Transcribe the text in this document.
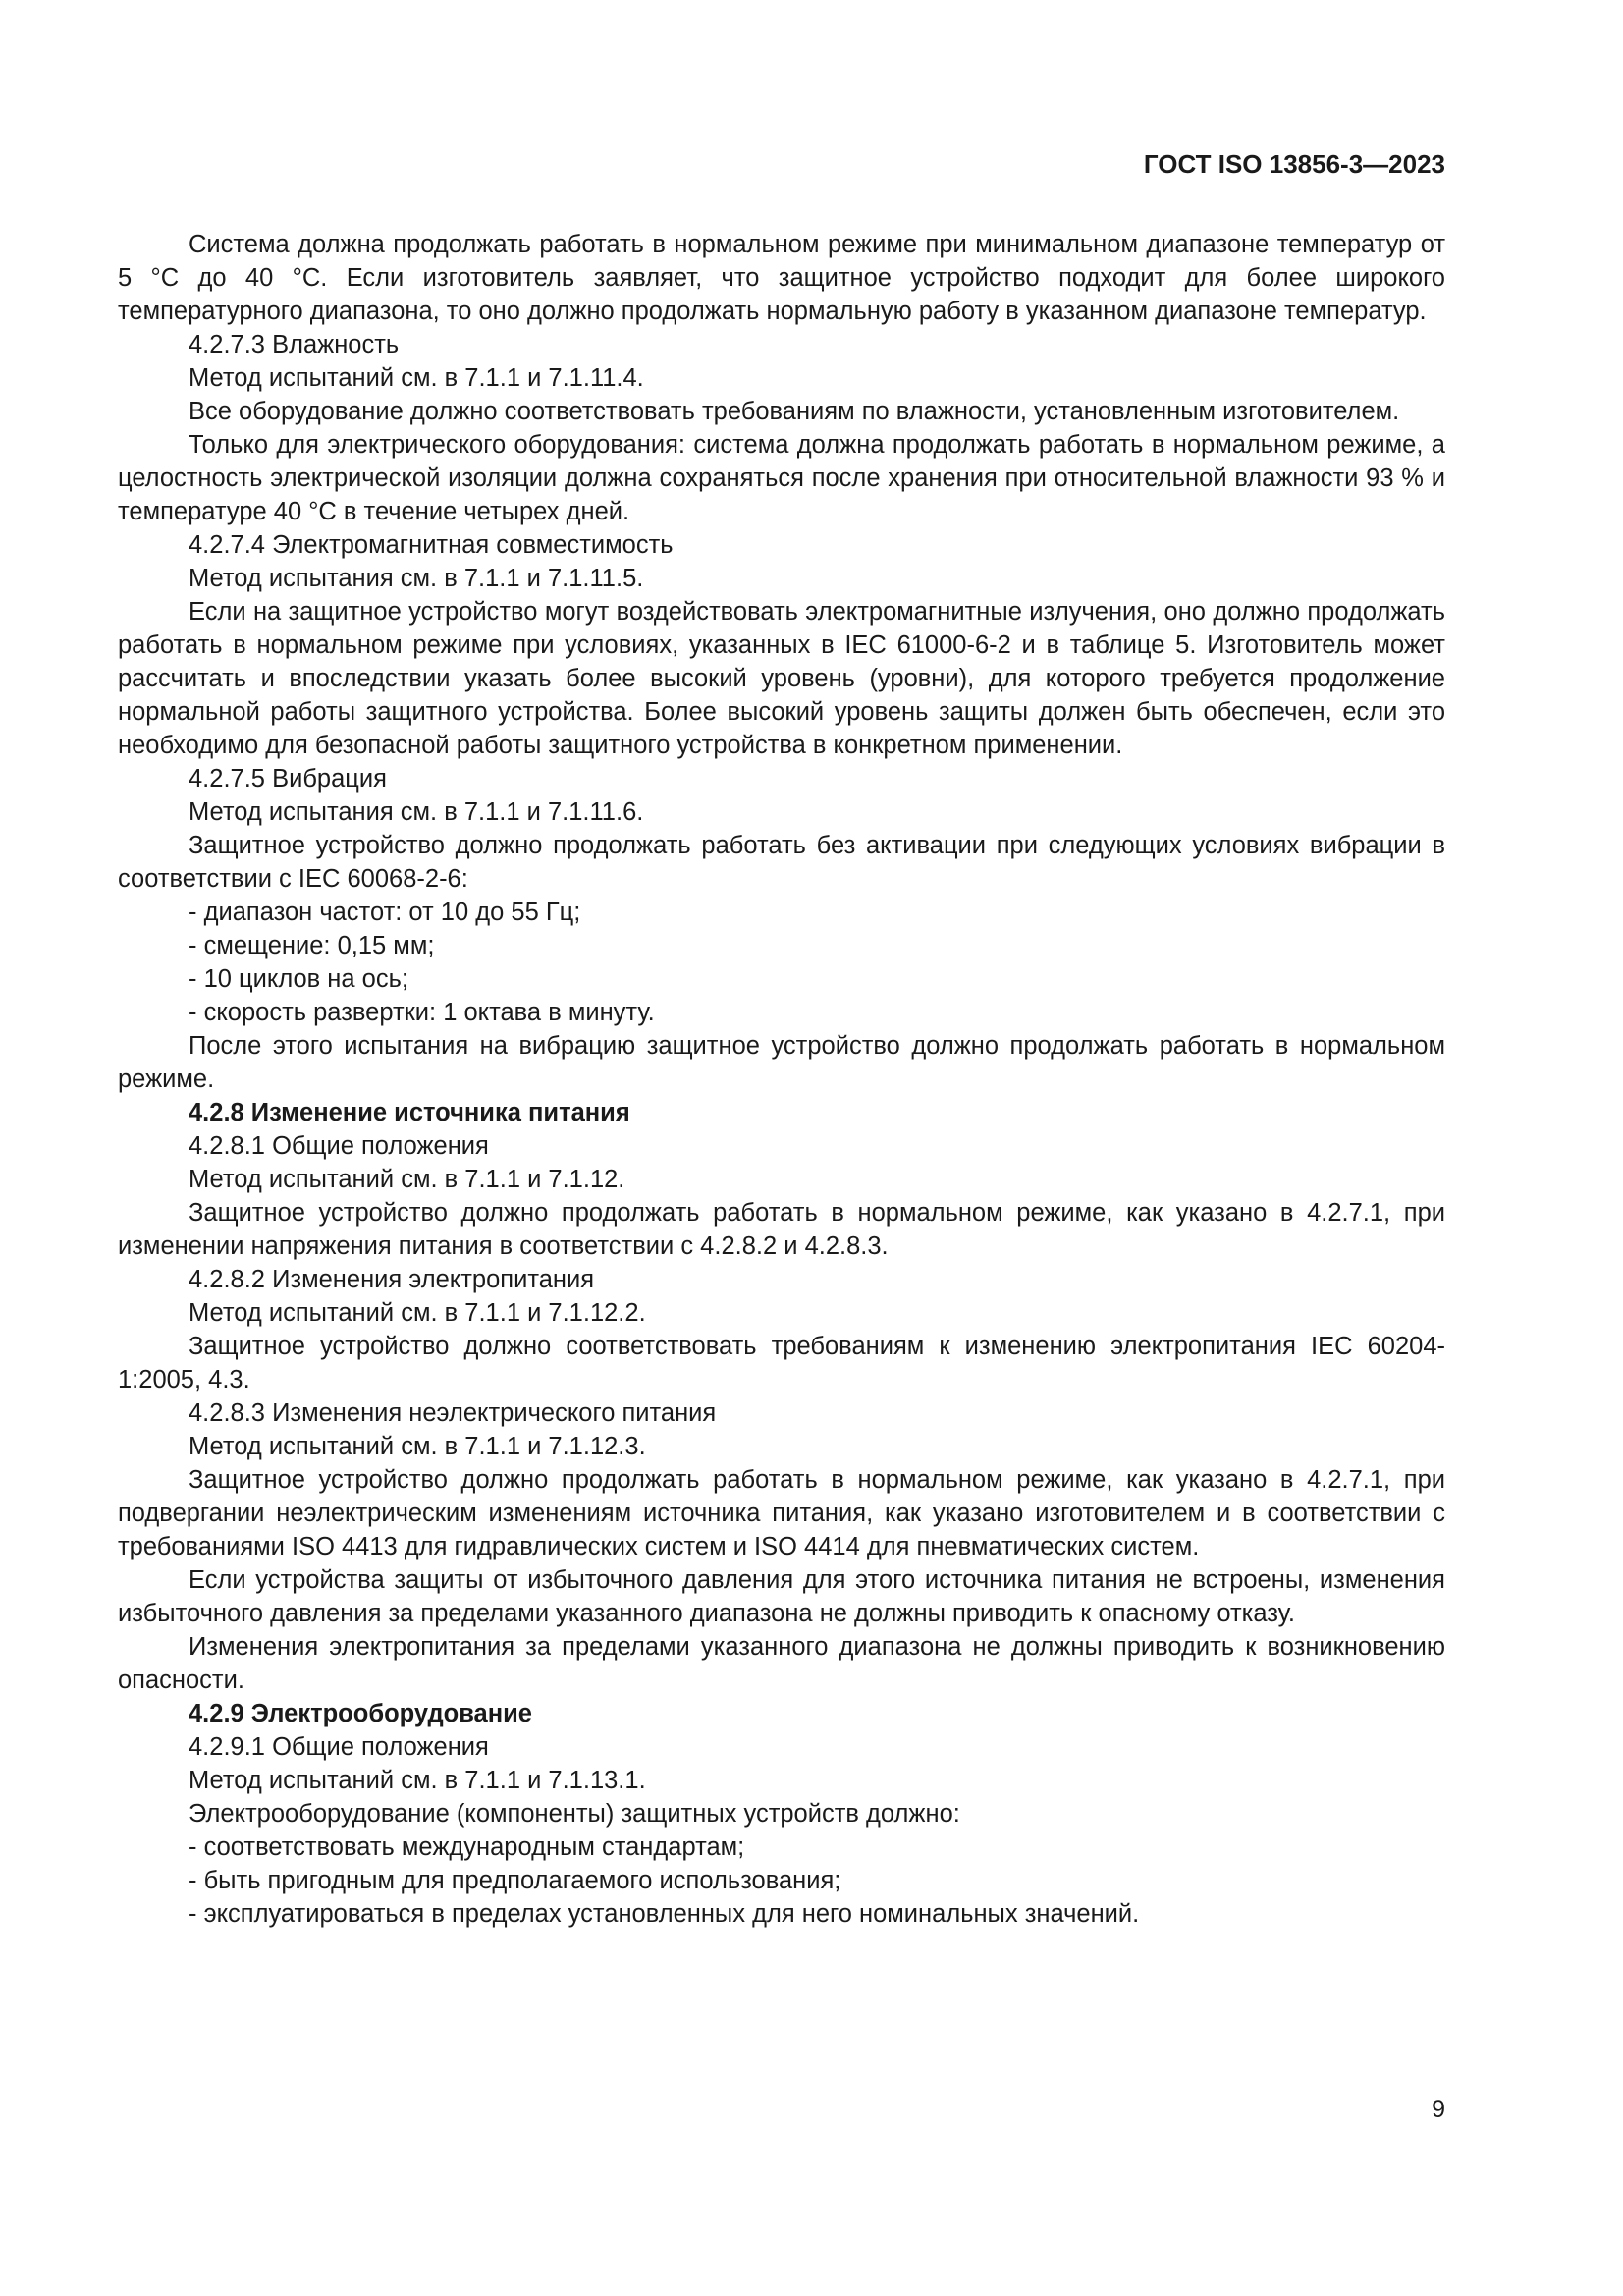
ГОСТ ISO 13856-3—2023

Система должна продолжать работать в нормальном режиме при минимальном диапазоне температур от 5 °С до 40 °С. Если изготовитель заявляет, что защитное устройство подходит для более широкого температурного диапазона, то оно должно продолжать нормальную работу в указанном диапазоне температур.

4.2.7.3 Влажность

Метод испытаний см. в 7.1.1 и 7.1.11.4.

Все оборудование должно соответствовать требованиям по влажности, установленным изготовителем.

Только для электрического оборудования: система должна продолжать работать в нормальном режиме, а целостность электрической изоляции должна сохраняться после хранения при относительной влажности 93 % и температуре 40 °С в течение четырех дней.

4.2.7.4 Электромагнитная совместимость

Метод испытания см. в 7.1.1 и 7.1.11.5.

Если на защитное устройство могут воздействовать электромагнитные излучения, оно должно продолжать работать в нормальном режиме при условиях, указанных в IEC 61000-6-2 и в таблице 5. Изготовитель может рассчитать и впоследствии указать более высокий уровень (уровни), для которого требуется продолжение нормальной работы защитного устройства. Более высокий уровень защиты должен быть обеспечен, если это необходимо для безопасной работы защитного устройства в конкретном применении.

4.2.7.5 Вибрация

Метод испытания см. в 7.1.1 и 7.1.11.6.

Защитное устройство должно продолжать работать без активации при следующих условиях вибрации в соответствии с IEC 60068-2-6:

- диапазон частот: от 10 до 55 Гц;

- смещение: 0,15 мм;

- 10 циклов на ось;

- скорость развертки: 1 октава в минуту.

После этого испытания на вибрацию защитное устройство должно продолжать работать в нормальном режиме.

4.2.8 Изменение источника питания

4.2.8.1 Общие положения

Метод испытаний см. в 7.1.1 и 7.1.12.

Защитное устройство должно продолжать работать в нормальном режиме, как указано в 4.2.7.1, при изменении напряжения питания в соответствии с 4.2.8.2 и 4.2.8.3.

4.2.8.2 Изменения электропитания

Метод испытаний см. в 7.1.1 и 7.1.12.2.

Защитное устройство должно соответствовать требованиям к изменению электропитания IEC 60204-1:2005, 4.3.

4.2.8.3 Изменения неэлектрического питания

Метод испытаний см. в 7.1.1 и 7.1.12.3.

Защитное устройство должно продолжать работать в нормальном режиме, как указано в 4.2.7.1, при подвергании неэлектрическим изменениям источника питания, как указано изготовителем и в соответствии с требованиями ISO 4413 для гидравлических систем и ISO 4414 для пневматических систем.

Если устройства защиты от избыточного давления для этого источника питания не встроены, изменения избыточного давления за пределами указанного диапазона не должны приводить к опасному отказу.

Изменения электропитания за пределами указанного диапазона не должны приводить к возникновению опасности.

4.2.9 Электрооборудование

4.2.9.1 Общие положения

Метод испытаний см. в 7.1.1 и 7.1.13.1.

Электрооборудование (компоненты) защитных устройств должно:

- соответствовать международным стандартам;

- быть пригодным для предполагаемого использования;

- эксплуатироваться в пределах установленных для него номинальных значений.

9
